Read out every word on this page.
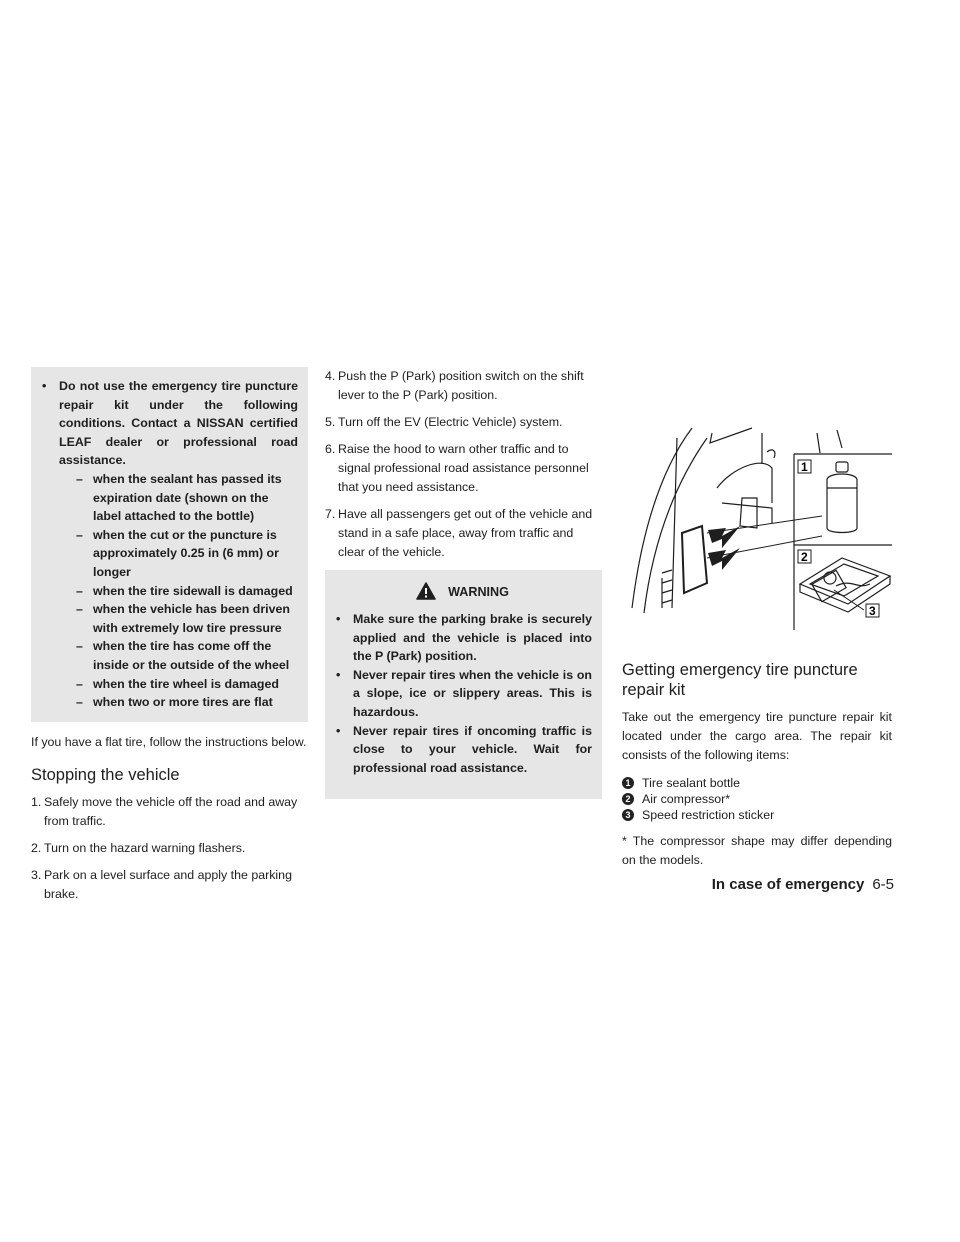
• Do not use the emergency tire puncture repair kit under the following conditions. Contact a NISSAN certified LEAF dealer or professional road assistance.
– when the sealant has passed its expiration date (shown on the label attached to the bottle)
– when the cut or the puncture is approximately 0.25 in (6 mm) or longer
– when the tire sidewall is damaged
– when the vehicle has been driven with extremely low tire pressure
– when the tire has come off the inside or the outside of the wheel
– when the tire wheel is damaged
– when two or more tires are flat

If you have a flat tire, follow the instructions below.

Stopping the vehicle
1. Safely move the vehicle off the road and away from traffic.
2. Turn on the hazard warning flashers.
3. Park on a level surface and apply the parking brake.
4. Push the P (Park) position switch on the shift lever to the P (Park) position.
5. Turn off the EV (Electric Vehicle) system.
6. Raise the hood to warn other traffic and to signal professional road assistance personnel that you need assistance.
7. Have all passengers get out of the vehicle and stand in a safe place, away from traffic and clear of the vehicle.
WARNING
• Make sure the parking brake is securely applied and the vehicle is placed into the P (Park) position.
• Never repair tires when the vehicle is on a slope, ice or slippery areas. This is hazardous.
• Never repair tires if oncoming traffic is close to your vehicle. Wait for professional road assistance.
1
2
3
Getting emergency tire puncture repair kit

Take out the emergency tire puncture repair kit located under the cargo area. The repair kit consists of the following items:

1 Tire sealant bottle
2 Air compressor*
3 Speed restriction sticker

* The compressor shape may differ depending on the models.

In case of emergency 6-5
